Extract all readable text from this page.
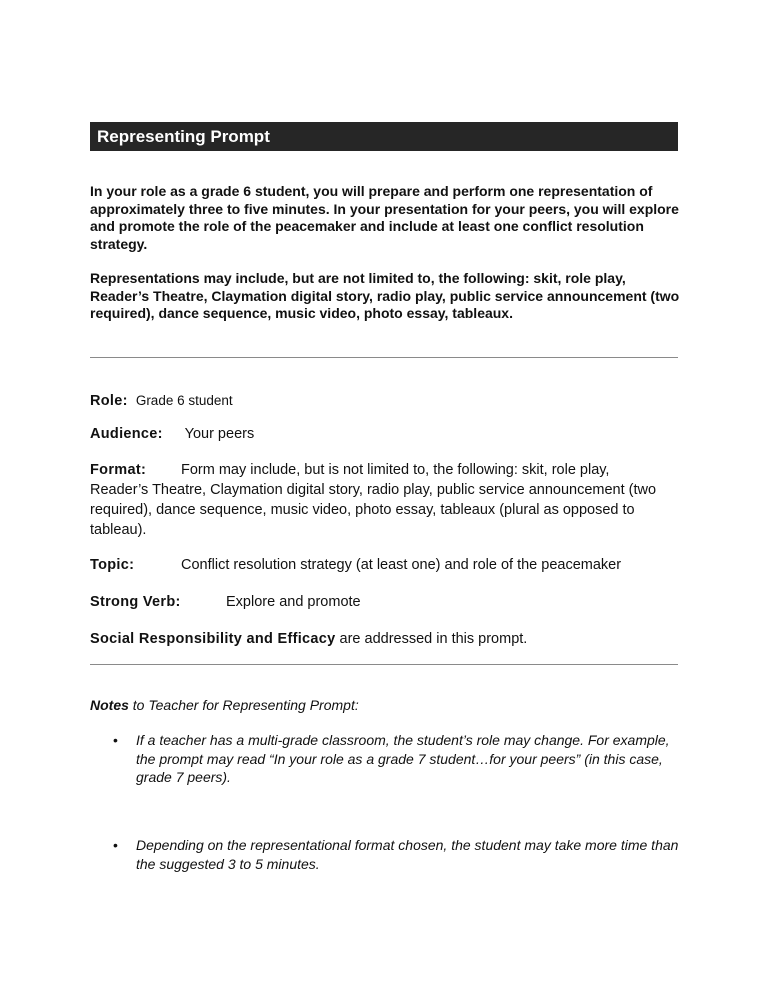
Representing Prompt

In your role as a grade 6 student, you will prepare and perform one representation of approximately three to five minutes. In your presentation for your peers, you will explore and promote the role of the peacemaker and include at least one conflict resolution strategy.

Representations may include, but are not limited to, the following: skit, role play, Reader’s Theatre, Claymation digital story, radio play, public service announcement (two required), dance sequence, music video, photo essay, tableaux.

Role: Grade 6 student

Audience: Your peers

Format: Form may include, but is not limited to, the following: skit, role play,
Reader’s Theatre, Claymation digital story, radio play, public service announcement (two required), dance sequence, music video, photo essay, tableaux (plural as opposed to tableau).

Topic:	Conflict resolution strategy (at least one) and role of the peacemaker

Strong Verb:	Explore and promote

Social Responsibility and Efficacy are addressed in this prompt.

Notes to Teacher for Representing Prompt:

• If a teacher has a multi-grade classroom, the student’s role may change. For example, the prompt may read “In your role as a grade 7 student…for your peers” (in this case, grade 7 peers).
• Depending on the representational format chosen, the student may take more time than the suggested 3 to 5 minutes.
